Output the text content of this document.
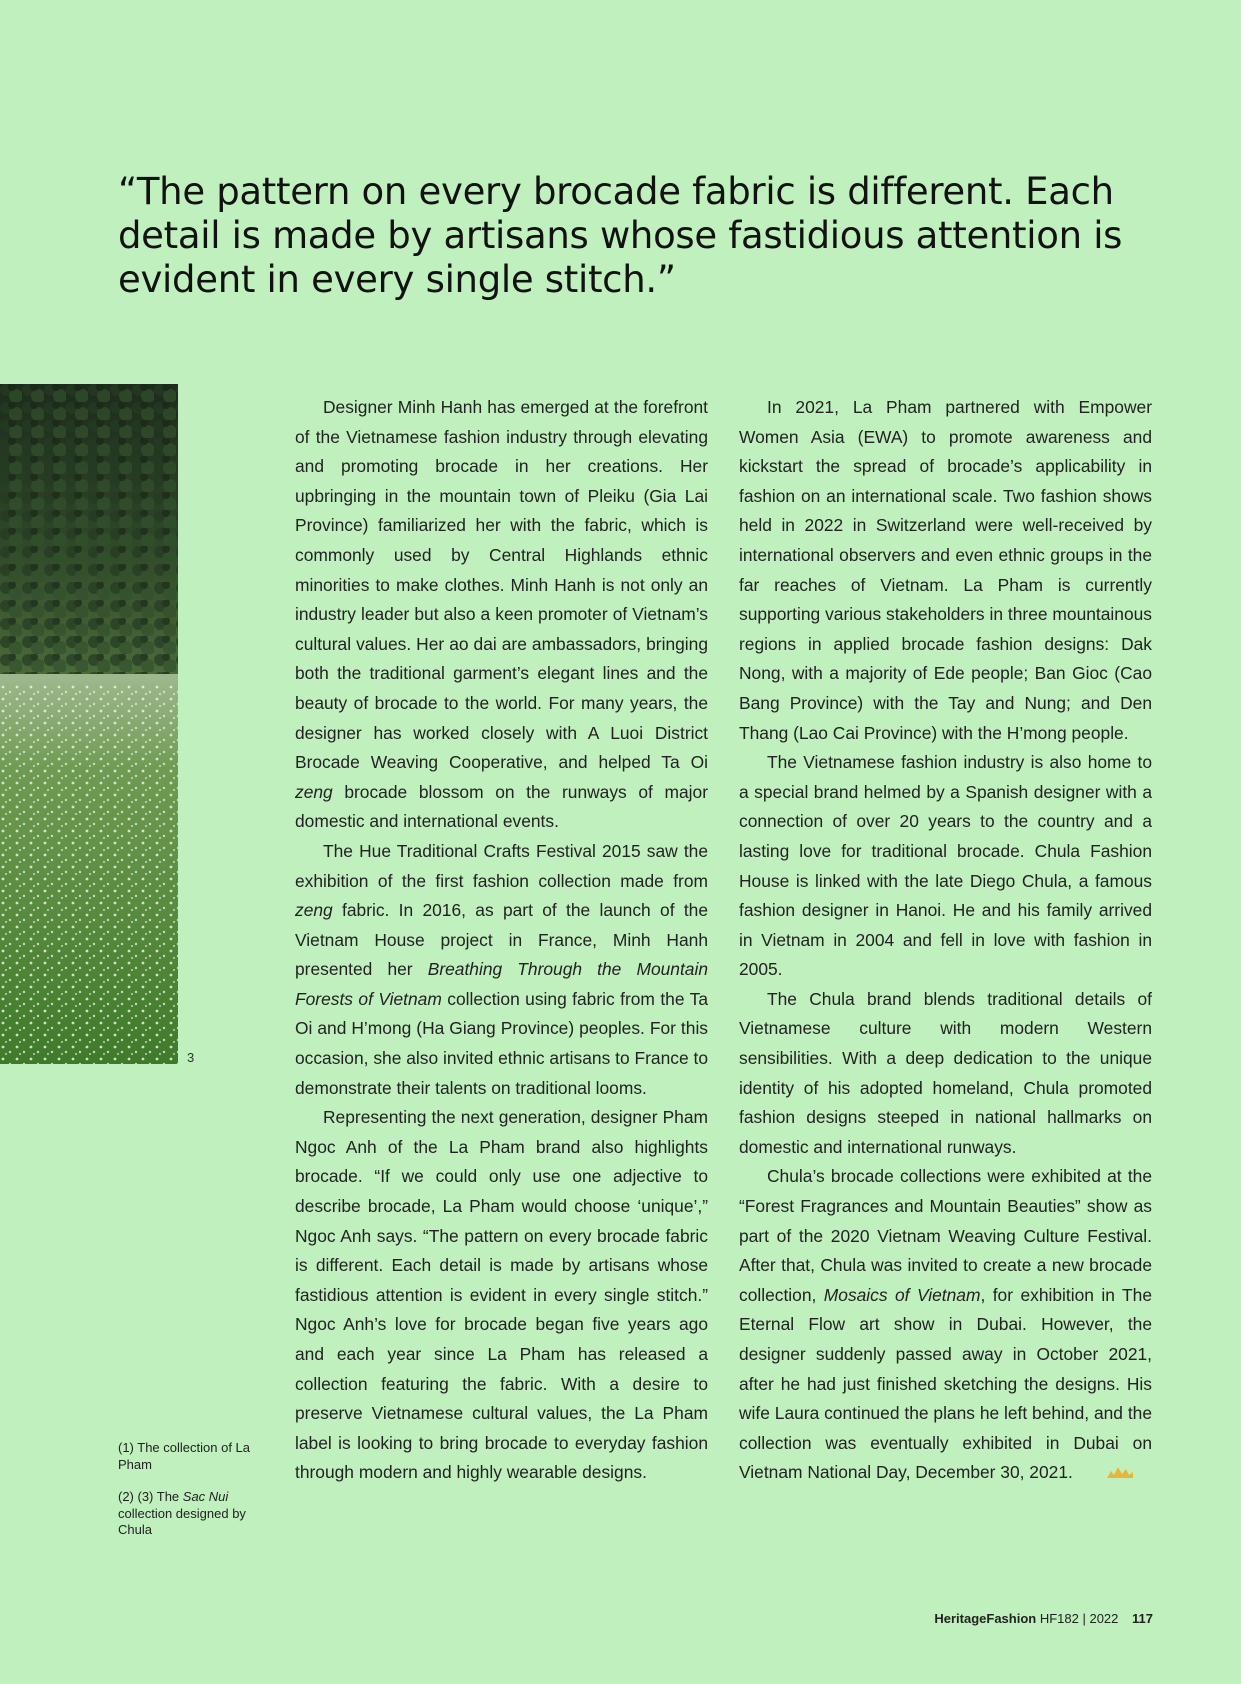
“The pattern on every brocade fabric is different. Each detail is made by artisans whose fastidious attention is evident in every single stitch.”
3

Designer Minh Hanh has emerged at the forefront of the Vietnamese fashion industry through elevating and promoting brocade in her creations. Her upbringing in the mountain town of Pleiku (Gia Lai Province) familiarized her with the fabric, which is commonly used by Central Highlands ethnic minorities to make clothes. Minh Hanh is not only an industry leader but also a keen promoter of Vietnam’s cultural values. Her ao dai are ambassadors, bringing both the traditional garment’s elegant lines and the beauty of brocade to the world. For many years, the designer has worked closely with A Luoi District Brocade Weaving Cooperative, and helped Ta Oi zeng brocade blossom on the runways of major domestic and international events.

The Hue Traditional Crafts Festival 2015 saw the exhibition of the first fashion collection made from zeng fabric. In 2016, as part of the launch of the Vietnam House project in France, Minh Hanh presented her Breathing Through the Mountain Forests of Vietnam collection using fabric from the Ta Oi and H’mong (Ha Giang Province) peoples. For this occasion, she also invited ethnic artisans to France to demonstrate their talents on traditional looms.

Representing the next generation, designer Pham Ngoc Anh of the La Pham brand also highlights brocade. “If we could only use one adjective to describe brocade, La Pham would choose ‘unique’,” Ngoc Anh says. “The pattern on every brocade fabric is different. Each detail is made by artisans whose fastidious attention is evident in every single stitch.” Ngoc Anh’s love for brocade began five years ago and each year since La Pham has released a collection featuring the fabric. With a desire to preserve Vietnamese cultural values, the La Pham label is looking to bring brocade to everyday fashion through modern and highly wearable designs.

In 2021, La Pham partnered with Empower Women Asia (EWA) to promote awareness and kickstart the spread of brocade’s applicability in fashion on an international scale. Two fashion shows held in 2022 in Switzerland were well-received by international observers and even ethnic groups in the far reaches of Vietnam. La Pham is currently supporting various stakeholders in three mountainous regions in applied brocade fashion designs: Dak Nong, with a majority of Ede people; Ban Gioc (Cao Bang Province) with the Tay and Nung; and Den Thang (Lao Cai Province) with the H’mong people.

The Vietnamese fashion industry is also home to a special brand helmed by a Spanish designer with a connection of over 20 years to the country and a lasting love for traditional brocade. Chula Fashion House is linked with the late Diego Chula, a famous fashion designer in Hanoi. He and his family arrived in Vietnam in 2004 and fell in love with fashion in 2005.

The Chula brand blends traditional details of Vietnamese culture with modern Western sensibilities. With a deep dedication to the unique identity of his adopted homeland, Chula promoted fashion designs steeped in national hallmarks on domestic and international runways.

Chula’s brocade collections were exhibited at the “Forest Fragrances and Mountain Beauties” show as part of the 2020 Vietnam Weaving Culture Festival. After that, Chula was invited to create a new brocade collection, Mosaics of Vietnam, for exhibition in The Eternal Flow art show in Dubai. However, the designer suddenly passed away in October 2021, after he had just finished sketching the designs. His wife Laura continued the plans he left behind, and the collection was eventually exhibited in Dubai on Vietnam National Day, December 30, 2021.

(1) The collection of La Pham

(2) (3) The Sac Nui collection designed by Chula

HeritageFashion HF182 | 2022 117
